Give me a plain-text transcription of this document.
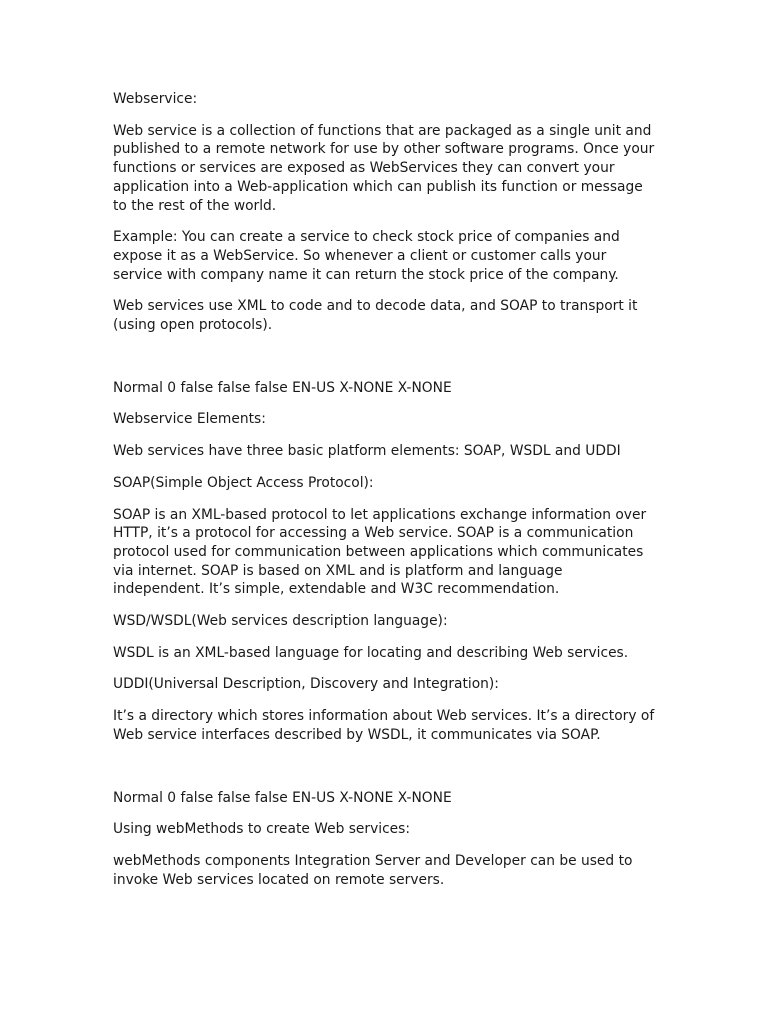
Webservice:

Web service is a collection of functions that are packaged as a single unit and published to a remote network for use by other software programs. Once your functions or services are exposed as WebServices they can convert your application into a Web-application which can publish its function or message to the rest of the world.

Example: You can create a service to check stock price of companies and expose it as a WebService. So whenever a client or customer calls your service with company name it can return the stock price of the company.

Web services use XML to code and to decode data, and SOAP to transport it (using open protocols).

Normal 0 false false false EN-US X-NONE X-NONE

Webservice Elements:

Web services have three basic platform elements: SOAP, WSDL and UDDI

SOAP(Simple Object Access Protocol):

SOAP is an XML-based protocol to let applications exchange information over HTTP, it’s a protocol for accessing a Web service. SOAP is a communication protocol used for communication between applications which communicates via internet. SOAP is based on XML and is platform and language independent. It’s simple, extendable and W3C recommendation.

WSD/WSDL(Web services description language):

WSDL is an XML-based language for locating and describing Web services.

UDDI(Universal Description, Discovery and Integration):

It’s a directory which stores information about Web services. It’s a directory of Web service interfaces described by WSDL, it communicates via SOAP.

Normal 0 false false false EN-US X-NONE X-NONE

Using webMethods to create Web services:

webMethods components Integration Server and Developer can be used to invoke Web services located on remote servers.
